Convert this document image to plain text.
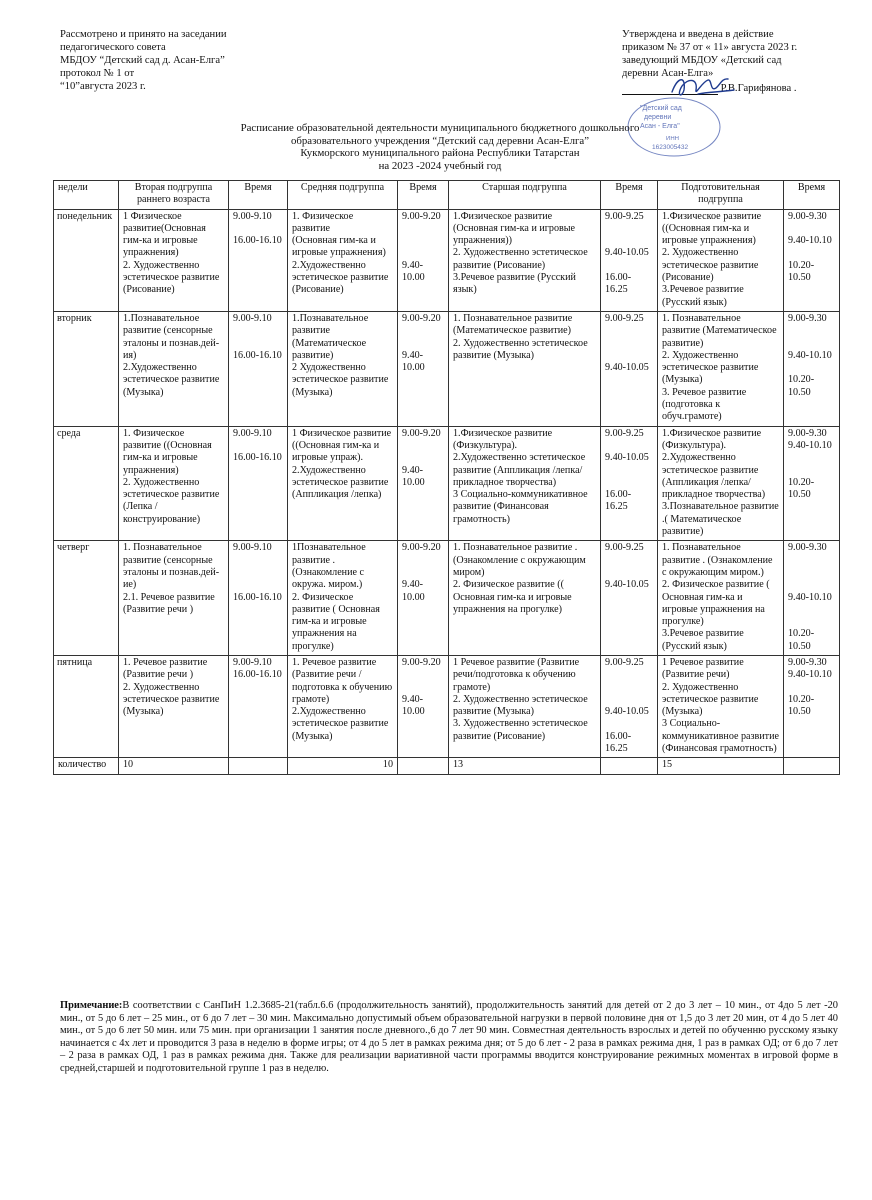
Рассмотрено и принято на заседании
педагогического совета
МБДОУ “Детский сад д. Асан-Елга”
протокол № 1 от
“10”августа 2023 г.
Утверждена и введена в действие
приказом № 37 от « 11» августа 2023 г.
заведующий МБДОУ «Детский сад
деревни Асан-Елга»
Р.В.Гарифянова .
"Детский сад
деревни
Асан - Елга"
ИНН
1623005432
Расписание образовательной деятельности муниципального бюджетного дошкольного
образовательного учреждения “Детский сад деревни Асан-Елга”
Кукморского муниципального района Республики Татарстан
на 2023 -2024 учебный год
недели	Вторая подгруппа раннего возраста	Время	Средняя подгруппа	Время	Старшая подгруппа	Время	Подготовительная подгруппа	Время
понедельник	1 Физическое развитие(Основная гим-ка и игровые упражнения)
2. Художественно эстетическое развитие
(Рисование)	9.00-9.10

16.00-16.10	1. Физическое развитие
(Основная гим-ка и игровые упражнения)
2.Художественно эстетическое развитие
(Рисование)	9.00-9.20

9.40-10.00	1.Физическое развитие (Основная гим-ка и игровые упражнения))
2. Художественно эстетическое развитие (Рисование)
3.Речевое развитие (Русский язык)	9.00-9.25

9.40-10.05

16.00-16.25	1.Физическое развитие ((Основная гим-ка и игровые упражнения)
2. Художественно эстетическое развитие (Рисование)
3.Речевое развитие (Русский язык)	9.00-9.30

9.40-10.10

10.20-10.50

вторник	1.Познавательное развитие (сенсорные эталоны и познав.дей-ия)
2.Художественно эстетическое развитие (Музыка)	9.00-9.10

16.00-16.10	1.Познавательное развитие (Математическое развитие)
2 Художественно эстетическое развитие
(Музыка)	9.00-9.20

9.40-10.00	1. Познавательное развитие (Математическое развитие)
2. Художественно эстетическое развитие (Музыка)	9.00-9.25

9.40-10.05	1. Познавательное развитие (Математическое развитие)
2. Художественно эстетическое развитие (Музыка)
3. Речевое развитие (подготовка к обуч.грамоте)	9.00-9.30

9.40-10.10

10.20-10.50

среда	1. Физическое развитие ((Основная гим-ка и игровые упражнения)
2. Художественно эстетическое развитие (Лепка /конструирование)	9.00-9.10

16.00-16.10	1 Физическое развитие ((Основная гим-ка и игровые упраж).
2.Художественно эстетическое развитие (Аппликация /лепка)	9.00-9.20

9.40-10.00	1.Физическое развитие (Физкультура).
2.Художественно эстетическое развитие (Аппликация /лепка/ прикладное творчества)
3 Социально-коммуникативное развитие (Финансовая грамотность)	9.00-9.25

9.40-10.05

16.00-16.25	1.Физическое развитие (Физкультура).
2.Художественно эстетическое развитие (Аппликация /лепка/ прикладное творчества)
3.Познавательное развитие .( Математическое развитие)	9.00-9.30
9.40-10.10

10.20-10.50

четверг	1. Познавательное развитие (сенсорные эталоны и познав.дей-ие)
2.1. Речевое развитие (Развитие речи )	9.00-9.10

16.00-16.10	1Познавательное развитие . (Ознакомление с окружа. миром.)
2. Физическое развитие ( Основная гим-ка и игровые упражнения на прогулке)	9.00-9.20

9.40-10.00	1. Познавательное развитие . (Ознакомление с окружающим миром)
2. Физическое развитие (( Основная гим-ка и игровые упражнения на прогулке)	9.00-9.25

9.40-10.05	1. Познавательное развитие . (Ознакомление с окружающим миром.)
2. Физическое развитие ( Основная гим-ка и игровые упражнения на прогулке)
3.Речевое развитие (Русский язык)	9.00-9.30

9.40-10.10

10.20-10.50

пятница	1. Речевое развитие (Развитие речи )
2. Художественно эстетическое развитие (Музыка)	9.00-9.10
16.00-16.10	1. Речевое развитие (Развитие речи /подготовка к обучению грамоте)
2.Художественно эстетическое развитие (Музыка)	9.00-9.20

9.40-10.00	1 Речевое развитие (Развитие речи/подготовка к обучению грамоте)
2. Художественно эстетическое развитие (Музыка)
3. Художественно эстетическое развитие (Рисование)	9.00-9.25

9.40-10.05

16.00-16.25	1 Речевое развитие (Развитие речи)
2. Художественно эстетическое развитие (Музыка)
3 Социально-коммуникативное развитие (Финансовая грамотность)	9.00-9.30
9.40-10.10

10.20-10.50

количество	10		10		13		15	
Примечание:В соответствии с СанПиН 1.2.3685-21(табл.6.6 (продолжительность занятий), продолжительность занятий для детей от 2 до 3 лет – 10 мин., от 4до 5 лет -20 мин., от 5 до 6 лет – 25 мин., от 6 до 7 лет – 30 мин. Максимально допустимый объем образовательной нагрузки в первой половине дня от 1,5 до 3 лет 20 мин, от 4 до 5 лет 40 мин., от 5 до 6 лет 50 мин. или 75 мин. при организации 1 занятия после дневного.,6 до 7 лет 90 мин. Совместная деятельность взрослых и детей по обученню русскому языку начинается с 4х лет и проводится 3 раза в неделю в форме игры; от 4 до 5 лет в рамках режима дня; от 5 до 6 лет - 2 раза в рамках режима дня, 1 раз в рамках ОД; от 6 до 7 лет – 2 раза в рамках ОД, 1 раз в рамках режима дня. Также для реализации вариативной части программы вводится конструирование режимных моментах в игровой форме в средней,старшей и подготовительной группе 1 раз в неделю.
